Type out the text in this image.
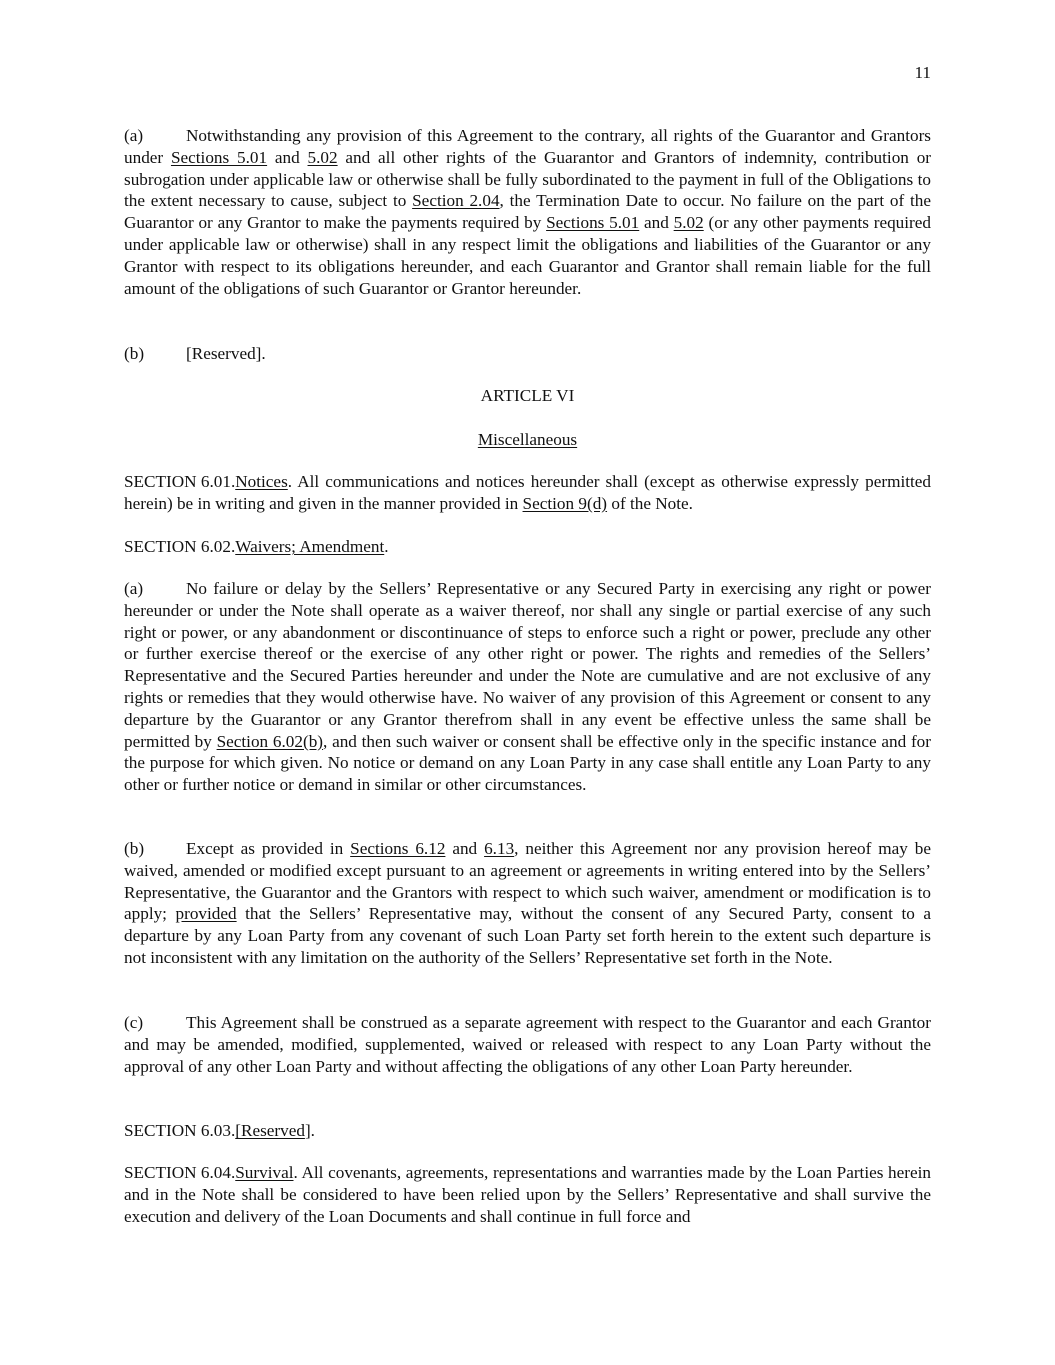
11

(a) Notwithstanding any provision of this Agreement to the contrary, all rights of the Guarantor and Grantors under Sections 5.01 and 5.02 and all other rights of the Guarantor and Grantors of indemnity, contribution or subrogation under applicable law or otherwise shall be fully subordinated to the payment in full of the Obligations to the extent necessary to cause, subject to Section 2.04, the Termination Date to occur. No failure on the part of the Guarantor or any Grantor to make the payments required by Sections 5.01 and 5.02 (or any other payments required under applicable law or otherwise) shall in any respect limit the obligations and liabilities of the Guarantor or any Grantor with respect to its obligations hereunder, and each Guarantor and Grantor shall remain liable for the full amount of the obligations of such Guarantor or Grantor hereunder.

(b) [Reserved].

ARTICLE VI

Miscellaneous

SECTION 6.01.Notices. All communications and notices hereunder shall (except as otherwise expressly permitted herein) be in writing and given in the manner provided in Section 9(d) of the Note.

SECTION 6.02.Waivers; Amendment.

(a) No failure or delay by the Sellers’ Representative or any Secured Party in exercising any right or power hereunder or under the Note shall operate as a waiver thereof, nor shall any single or partial exercise of any such right or power, or any abandonment or discontinuance of steps to enforce such a right or power, preclude any other or further exercise thereof or the exercise of any other right or power. The rights and remedies of the Sellers’ Representative and the Secured Parties hereunder and under the Note are cumulative and are not exclusive of any rights or remedies that they would otherwise have. No waiver of any provision of this Agreement or consent to any departure by the Guarantor or any Grantor therefrom shall in any event be effective unless the same shall be permitted by Section 6.02(b), and then such waiver or consent shall be effective only in the specific instance and for the purpose for which given. No notice or demand on any Loan Party in any case shall entitle any Loan Party to any other or further notice or demand in similar or other circumstances.

(b) Except as provided in Sections 6.12 and 6.13, neither this Agreement nor any provision hereof may be waived, amended or modified except pursuant to an agreement or agreements in writing entered into by the Sellers’ Representative, the Guarantor and the Grantors with respect to which such waiver, amendment or modification is to apply; provided that the Sellers’ Representative may, without the consent of any Secured Party, consent to a departure by any Loan Party from any covenant of such Loan Party set forth herein to the extent such departure is not inconsistent with any limitation on the authority of the Sellers’ Representative set forth in the Note.

(c) This Agreement shall be construed as a separate agreement with respect to the Guarantor and each Grantor and may be amended, modified, supplemented, waived or released with respect to any Loan Party without the approval of any other Loan Party and without affecting the obligations of any other Loan Party hereunder.

SECTION 6.03.[Reserved].

SECTION 6.04.Survival. All covenants, agreements, representations and warranties made by the Loan Parties herein and in the Note shall be considered to have been relied upon by the Sellers’ Representative and shall survive the execution and delivery of the Loan Documents and shall continue in full force and
